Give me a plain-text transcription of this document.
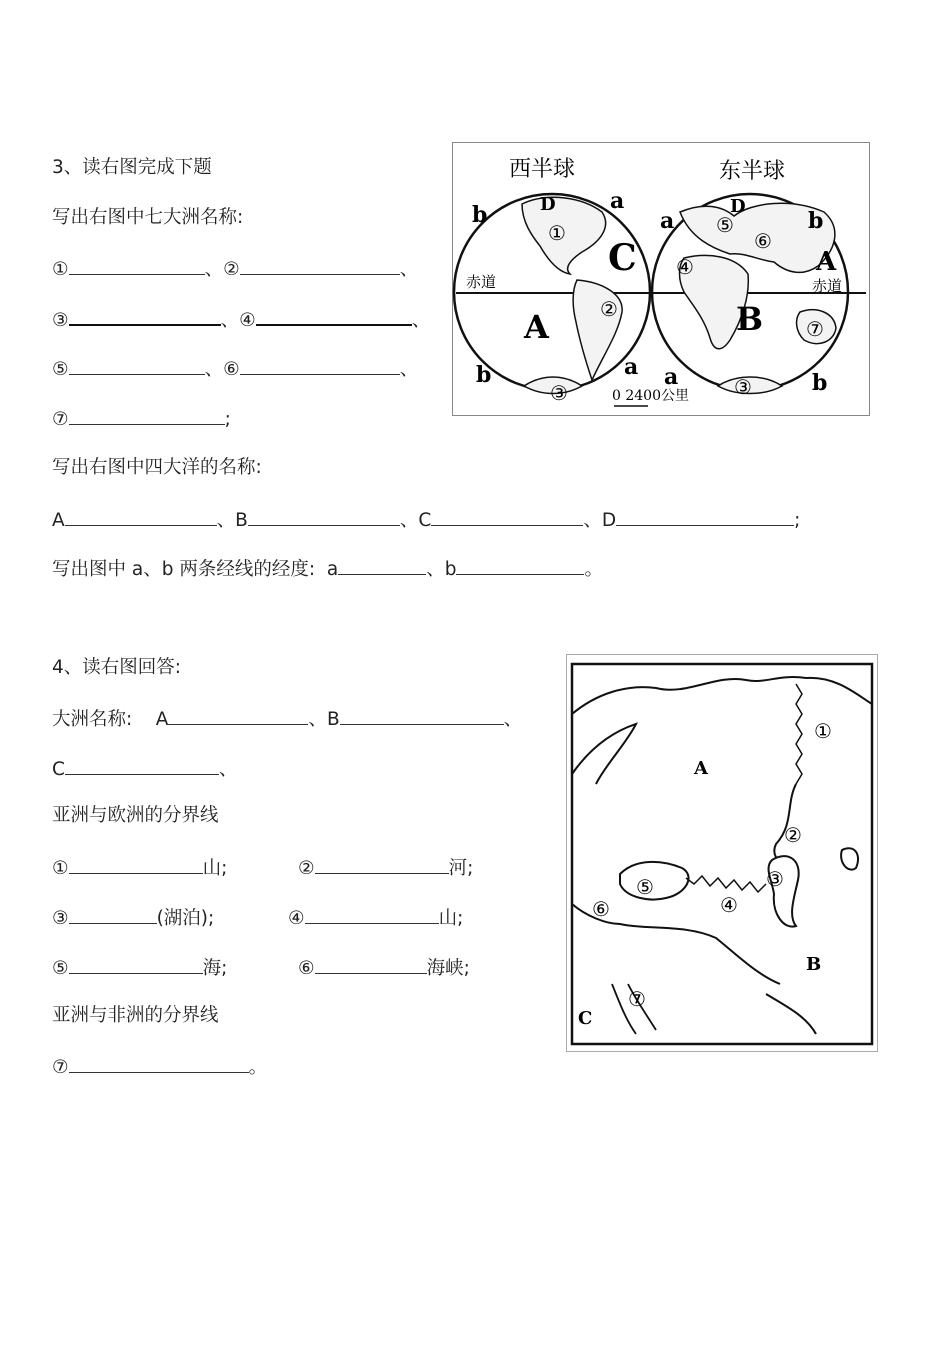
3、读右图完成下题
写出右图中七大洲名称:
①	、②	、
③	、④	、
⑤	、⑥	、
⑦	;
写出右图中四大洋的名称:
A	、B	、C	、D	;
写出图中 a、b 两条经线的经度: a	、b	。
西半球	东半球
赤道	赤道
A	B
C
D	D
A
b
a
a	b
b	a a	b
①
②
③	③
④
⑤
⑥
⑦
0 2400公里
4、读右图回答:
大洲名称: A	、B	、
C	、
亚洲与欧洲的分界线
①	山;	②	河;
③	(湖泊);	④	山;
⑤	海;	⑥	海峡;
亚洲与非洲的分界线
⑦	。
A
B
C
①
②
③
④
⑤
⑥
⑦
